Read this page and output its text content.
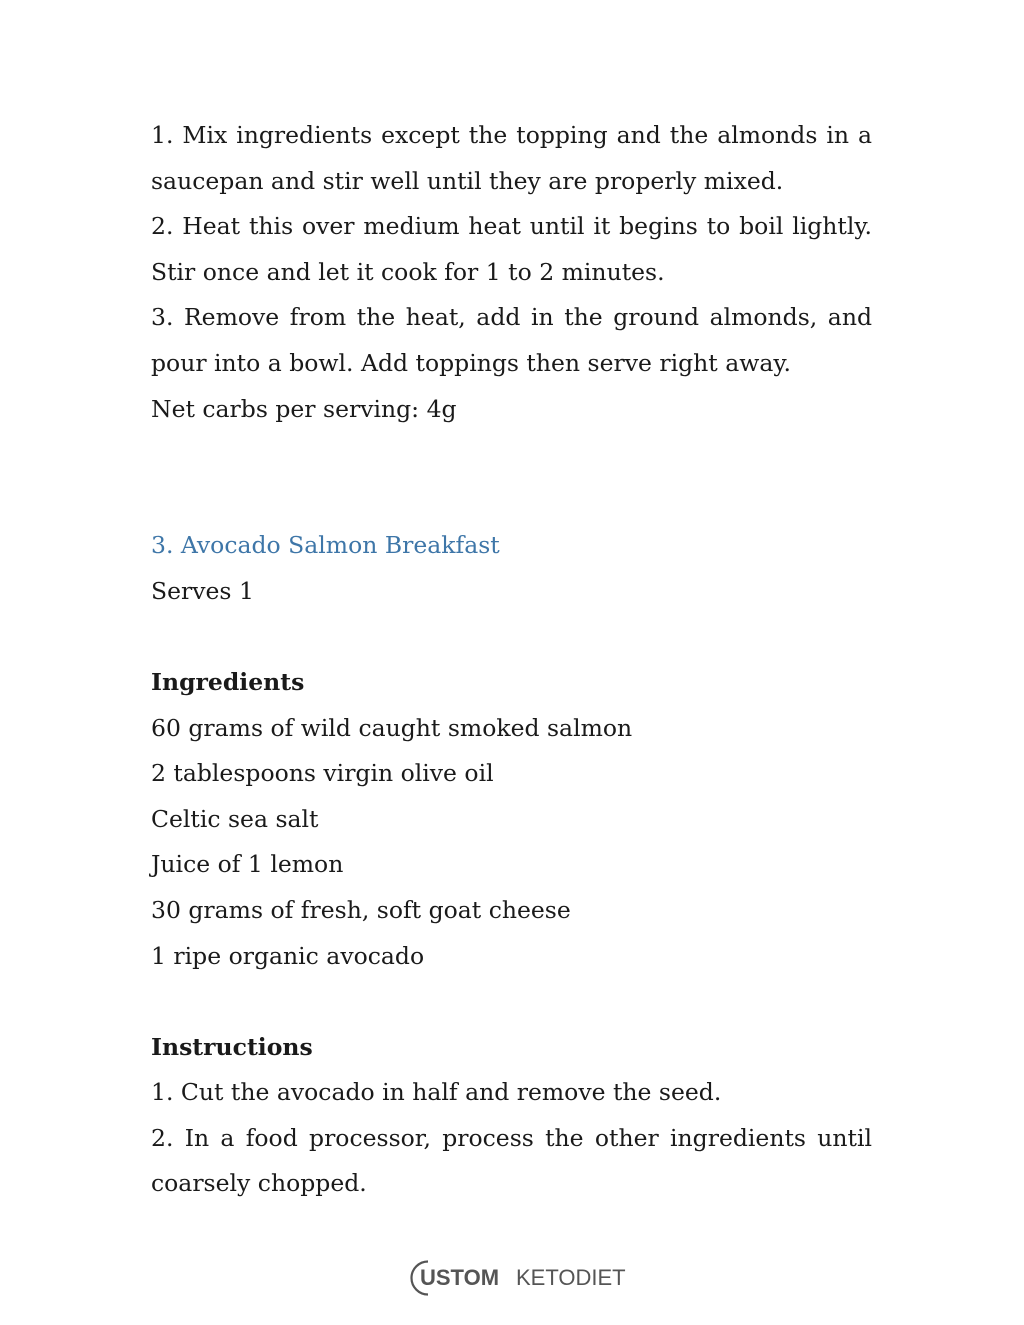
1. Mix ingredients except the topping and the almonds in a saucepan and stir well until they are properly mixed.

2. Heat this over medium heat until it begins to boil lightly. Stir once and let it cook for 1 to 2 minutes.

3. Remove from the heat, add in the ground almonds, and pour into a bowl. Add toppings then serve right away.

Net carbs per serving: 4g

3. Avocado Salmon Breakfast

Serves 1

Ingredients

60 grams of wild caught smoked salmon

2 tablespoons virgin olive oil

Celtic sea salt

Juice of 1 lemon

30 grams of fresh, soft goat cheese

1 ripe organic avocado

Instructions

1. Cut the avocado in half and remove the seed.

2. In a food processor, process the other ingredients until coarsely chopped.

USTOM KETODIET
